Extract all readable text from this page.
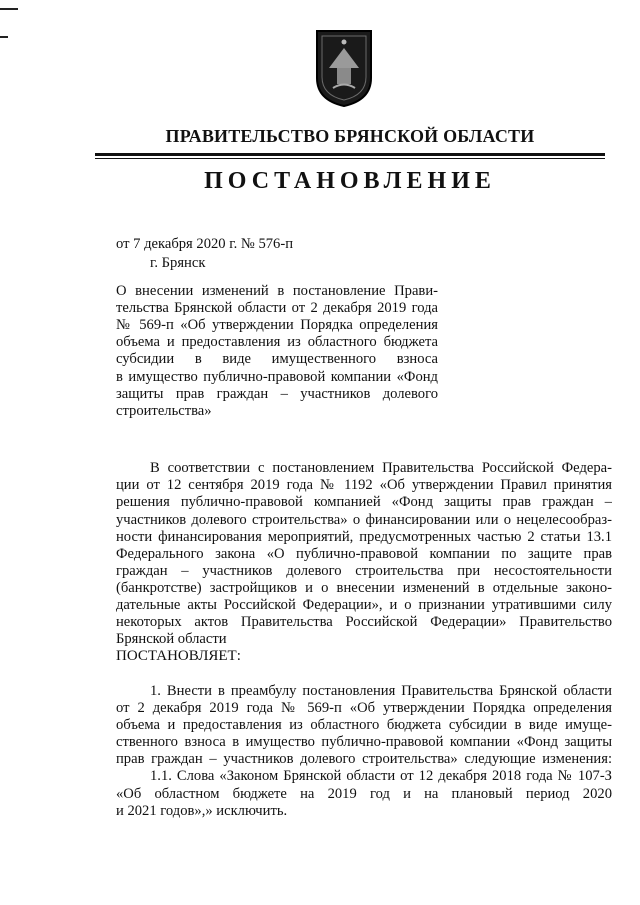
ПРАВИТЕЛЬСТВО БРЯНСКОЙ ОБЛАСТИ
ПОСТАНОВЛЕНИЕ
от 7 декабря 2020 г. № 576-п
г. Брянск
О внесении изменений в постановление Прави-
тельства Брянской области от 2 декабря 2019 года
№ 569-п «Об утверждении Порядка определения
объема и предоставления из областного бюджета
субсидии в виде имущественного взноса
в имущество публично-правовой компании «Фонд
защиты прав граждан – участников долевого
строительства»
В соответствии с постановлением Правительства Российской Федера-
ции от 12 сентября 2019 года № 1192 «Об утверждении Правил принятия
решения публично-правовой компанией «Фонд защиты прав граждан –
участников долевого строительства» о финансировании или о нецелесообраз-
ности финансирования мероприятий, предусмотренных частью 2 статьи 13.1
Федерального закона «О публично-правовой компании по защите прав
граждан – участников долевого строительства при несостоятельности
(банкротстве) застройщиков и о внесении изменений в отдельные законо-
дательные акты Российской Федерации», и о признании утратившими силу
некоторых актов Правительства Российской Федерации» Правительство
Брянской области
ПОСТАНОВЛЯЕТ:
1. Внести в преамбулу постановления Правительства Брянской области
от 2 декабря 2019 года № 569-п «Об утверждении Порядка определения
объема и предоставления из областного бюджета субсидии в виде имуще-
ственного взноса в имущество публично-правовой компании «Фонд защиты
прав граждан – участников долевого строительства» следующие изменения:
1.1. Слова «Законом Брянской области от 12 декабря 2018 года № 107-З
«Об областном бюджете на 2019 год и на плановый период 2020
и 2021 годов»,» исключить.
